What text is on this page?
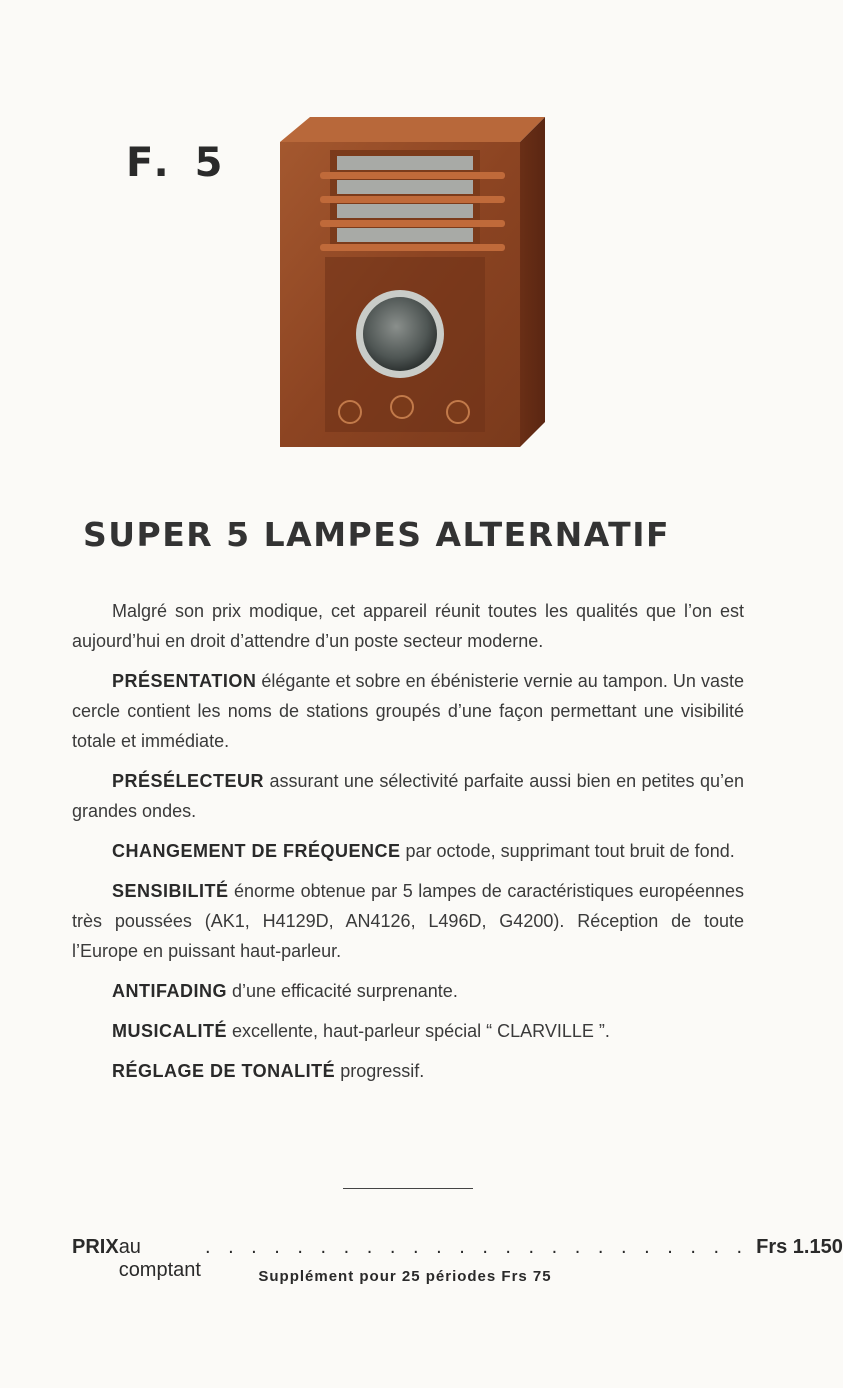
F. 5
SUPER 5 LAMPES ALTERNATIF

Malgré son prix modique, cet appareil réunit toutes les qualités que l’on est aujourd’hui en droit d’attendre d’un poste secteur moderne.

PRÉSENTATION élégante et sobre en ébénisterie vernie au tampon. Un vaste cercle contient les noms de stations groupés d’une façon permettant une visibilité totale et immédiate.

PRÉSÉLECTEUR assurant une sélectivité parfaite aussi bien en petites qu’en grandes ondes.

CHANGEMENT DE FRÉQUENCE par octode, supprimant tout bruit de fond.

SENSIBILITÉ énorme obtenue par 5 lampes de caractéristiques européennes très poussées (AK1, H4129D, AN4126, L496D, G4200). Réception de toute l’Europe en puissant haut-parleur.

ANTIFADING d’une efficacité surprenante.

MUSICALITÉ excellente, haut-parleur spécial “ CLARVILLE ”.

RÉGLAGE DE TONALITÉ progressif.

PRIX au comptant
. . . . . . . . . . . . . . . . . . . . . . . . Frs 1.150
Supplément pour 25 périodes Frs 75
